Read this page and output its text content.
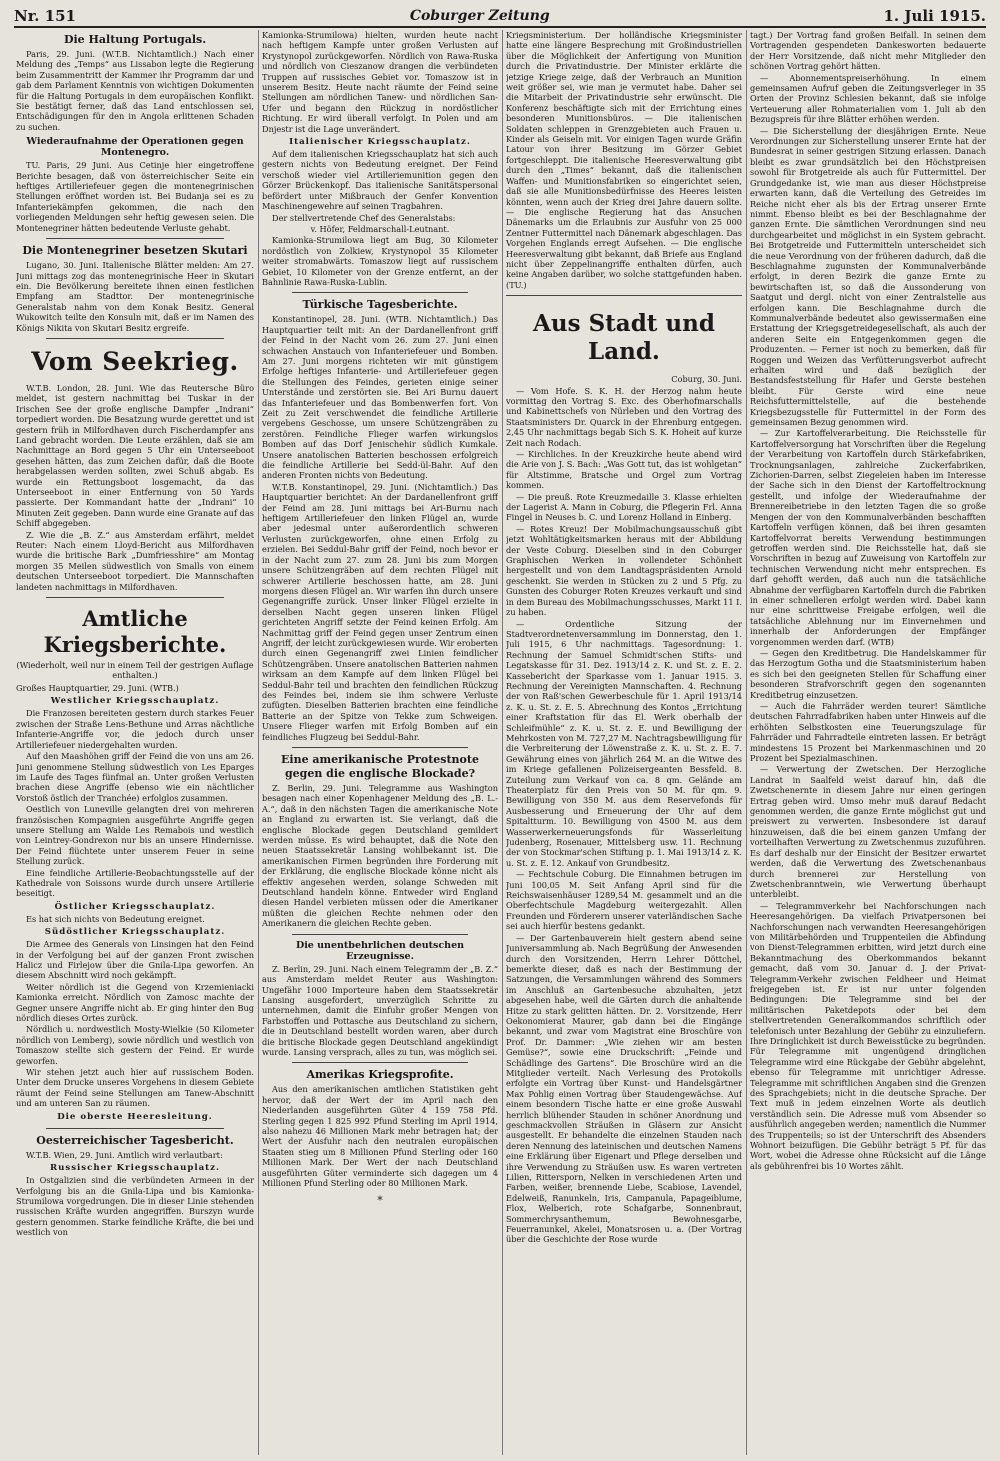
Nr. 151	Coburger Zeitung	1. Juli 1915.
Die Haltung Portugals.

Paris, 29. Juni. (W.T.B. Nichtamtlich.) Nach einer Meldung des „Temps“ aus Lissabon legte die Regierung beim Zusammentritt der Kammer ihr Programm dar und gab dem Parlament Kenntnis von wichtigen Dokumenten für die Haltung Portugals in dem europäischen Konflikt. Sie bestätigt ferner, daß das Land entschlossen sei, Entschädigungen für den in Angola erlittenen Schaden zu suchen.

Wiederaufnahme der Operationen gegen Montenegro.

TU. Paris, 29 Juni. Aus Cetinje hier eingetroffene Berichte besagen, daß von österreichischer Seite ein heftiges Artilleriefeuer gegen die montenegrinischen Stellungen eröffnet worden ist. Bei Budanja sei es zu Infanteriekämpfen gekommen, die nach den vorliegenden Meldungen sehr heftig gewesen seien. Die Montenegriner hätten bedeutende Verluste gehabt.

Die Montenegriner besetzen Skutari

Lugano, 30. Juni. Italienische Blätter melden: Am 27. Juni mittags zog das montenegrinische Heer in Skutari ein. Die Bevölkerung bereitete ihnen einen festlichen Empfang am Stadttor. Der montenegrinische Generalstab nahm von dem Konak Besitz. General Wukowitch teilte den Konsuln mit, daß er im Namen des Königs Nikita von Skutari Besitz ergreife.

Vom Seekrieg.

W.T.B. London, 28. Juni. Wie das Reutersche Büro meldet, ist gestern nachmittag bei Tuskar in der Irischen See der große englische Dampfer „Indrani“ torpediert worden. Die Besatzung wurde gerettet und ist gestern früh in Milfordhaven durch Fischerdampfer ans Land gebracht worden. Die Leute erzählen, daß sie am Nachmittage an Bord gegen 5 Uhr ein Unterseeboot gesehen hätten, das zum Zeichen dafür, daß die Boote herabgelassen werden sollten, zwei Schuß abgab. Es wurde ein Rettungsboot losgemacht, da das Unterseeboot in einer Entfernung von 50 Yards passierte. Der Kommandant hatte der „Indrani“ 10 Minuten Zeit gegeben. Dann wurde eine Granate auf das Schiff abgegeben.

Z. Wie die „B. Z.“ aus Amsterdam erfährt, meldet Reuter: Nach einem Lloyd-Bericht aus Milfordhaven wurde die britische Bark „Dumfriesshire“ am Montag morgen 35 Meilen südwestlich von Smalls von einem deutschen Unterseeboot torpediert. Die Mannschaften landeten nachmittags in Milfordhaven.

Amtliche Kriegsberichte.
(Wiederholt, weil nur in einem Teil der gestrigen Auflage enthalten.)

Großes Hauptquartier, 29. Juni. (WTB.)

Westlicher Kriegsschauplatz.

Die Franzosen bereiteten gestern durch starkes Feuer zwischen der Straße Lens-Bethune und Arras nächtliche Infanterie-Angriffe vor, die jedoch durch unser Artilleriefeuer niedergehalten wurden.

Auf den Maashöhen griff der Feind die von uns am 26. Juni genommene Stellung südwestlich von Les Eparges im Laufe des Tages fünfmal an. Unter großen Verlusten brachen diese Angriffe (ebenso wie ein nächtlicher Vorstoß östlich der Tranchée) erfolglos zusammen.

Oestlich von Luneville gelangten drei von mehreren französischen Kompagnien ausgeführte Angriffe gegen unsere Stellung am Walde Les Remabois und westlich von Leintrey-Gondrexon nur bis an unsere Hindernisse. Der Feind flüchtete unter unserem Feuer in seine Stellung zurück.

Eine feindliche Artillerie-Beobachtungsstelle auf der Kathedrale von Soissons wurde durch unsere Artillerie beseitigt.

Östlicher Kriegsschauplatz.

Es hat sich nichts von Bedeutung ereignet.

Südöstlicher Kriegsschauplatz.

Die Armee des Generals von Linsingen hat den Feind in der Verfolgung bei auf der ganzen Front zwischen Halicz und Firlejow über die Gnila-Lipa geworfen. An diesem Abschnitt wird noch gekämpft.

Weiter nördlich ist die Gegend von Krzemieniacki Kamionka erreicht. Nördlich von Zamosc machte der Gegner unsere Angriffe nicht ab. Er ging hinter den Bug nördlich dieses Ortes zurück.

Nördlich u. nordwestlich Mosty-Wielkie (50 Kilometer nördlich von Lemberg), sowie nördlich und westlich von Tomaszow stellte sich gestern der Feind. Er wurde geworfen.

Wir stehen jetzt auch hier auf russischem Boden. Unter dem Drucke unseres Vorgehens in diesem Gebiete räumt der Feind seine Stellungen am Tanew-Abschnitt und am unteren San zu räumen.

Die oberste Heeresleitung.
Oesterreichischer Tagesbericht.

W.T.B. Wien, 29. Juni. Amtlich wird verlautbart:

Russischer Kriegsschauplatz.

In Ostgalizien sind die verbündeten Armeen in der Verfolgung bis an die Gnila-Lipa und bis Kamionka-Strumilowa vorgedrungen. Die in dieser Linie stehenden russischen Kräfte wurden angegriffen. Burszyn wurde gestern genommen. Starke feindliche Kräfte, die bei und westlich von

Kamionka-Strumilowa) hielten, wurden heute nacht nach heftigem Kampfe unter großen Verlusten auf Krystynopol zurückgeworfen. Nördlich von Rawa-Ruska und nördlich von Cieszanow drangen die verbündeten Truppen auf russisches Gebiet vor. Tomaszow ist in unserem Besitz. Heute nacht räumte der Feind seine Stellungen am nördlichen Tanew- und nördlichen San-Ufer und begann den Rückzug in nordöstlicher Richtung. Er wird überall verfolgt. In Polen und am Dnjestr ist die Lage unverändert.

Italienischer Kriegsschauplatz.

Auf dem italienischen Kriegsschauplatz hat sich auch gestern nichts von Bedeutung ereignet. Der Feind verschoß wieder viel Artilleriemunition gegen den Görzer Brückenkopf. Das italienische Sanitätspersonal befördert unter Mißbrauch der Genfer Konvention Maschinengewehre auf seinen Tragbahren.

Der stellvertretende Chef des Generalstabs:

v. Höfer, Feldmarschall-Leutnant.

Kamionka-Strumilowa liegt am Bug, 30 Kilometer nordöstlich von Zolkiew, Krystynopol 35 Kilometer weiter stromabwärts. Tomaszow liegt auf russischem Gebiet, 10 Kilometer von der Grenze entfernt, an der Bahnlinie Rawa-Ruska-Lublin.

Türkische Tagesberichte.

Konstantinopel, 28. Juni. (WTB. Nichtamtlich.) Das Hauptquartier teilt mit: An der Dardanellenfront griff der Feind in der Nacht vom 26. zum 27. Juni einen schwachen Anstauch von Infanteriefeuer und Bomben. Am 27. Juni morgens richteten wir mit günstigem Erfolge heftiges Infanterie- und Artilleriefeuer gegen die Stellungen des Feindes, gerieten einige seiner Unterstände und zerstörten sie. Bei Ari Burnu dauert das Infanteriefeuer und das Bombenwerfen fort. Von Zeit zu Zeit verschwendet die feindliche Artillerie vergebens Geschosse, um unsere Schützengräben zu zerstören. Feindliche Flieger warfen wirkungslos Bomben auf das Dorf Jenischehir südlich Kumkale. Unsere anatolischen Batterien beschossen erfolgreich die feindliche Artillerie bei Sedd-ül-Bahr. Auf den anderen Fronten nichts von Bedeutung.

W.T.B. Konstantinopel, 29. Juni. (Nichtamtlich.) Das Hauptquartier berichtet: An der Dardanellenfront griff der Feind am 28. Juni mittags bei Ari-Burnu nach heftigem Artilleriefeuer den linken Flügel an, wurde aber jedesmal unter außerordentlich schweren Verlusten zurückgeworfen, ohne einen Erfolg zu erzielen. Bei Seddul-Bahr griff der Feind, noch bevor er in der Nacht zum 27. zum 28. Juni bis zum Morgen unsere Schützengräben auf dem rechten Flügel mit schwerer Artillerie beschossen hatte, am 28. Juni morgens diesen Flügel an. Wir warfen ihn durch unsere Gegenangriffe zurück. Unser linker Flügel erzielte in derselben Nacht gegen unseren linken Flügel gerichteten Angriff setzte der Feind keinen Erfolg. Am Nachmittag griff der Feind gegen unser Zentrum einen Angriff, der leicht zurückgewiesen wurde. Wir eroberten durch einen Gegenangriff zwei Linien feindlicher Schützengräben. Unsere anatolischen Batterien nahmen wirksam an dem Kampfe auf dem linken Flügel bei Seddul-Bahr teil und brachten den feindlichen Rückzug des Feindes bei, indem sie ihm schwere Verluste zufügten. Dieselben Batterien brachten eine feindliche Batterie an der Spitze von Tekke zum Schweigen. Unsere Flieger warfen mit Erfolg Bomben auf ein feindliches Flugzeug bei Seddul-Bahr.

Eine amerikanische Protestnote gegen die englische Blockade?

Z. Berlin, 29. Juni. Telegramme aus Washington besagen nach einer Kopenhagener Meldung des „B. L.-A.“, daß in den nächsten Tagen die amerikanische Note an England zu erwarten ist. Sie verlangt, daß die englische Blockade gegen Deutschland gemildert werden müsse. Es wird behauptet, daß die Note den neuen Staatssekretär Lansing wohlbekannt ist. Die amerikanischen Firmen begründen ihre Forderung mit der Erklärung, die englische Blockade könne nicht als effektiv angesehen werden, solange Schweden mit Deutschland handeln könne. Entweder wird England diesen Handel verbieten müssen oder die Amerikaner müßten die gleichen Rechte nehmen oder den Amerikanern die gleichen Rechte geben.

Die unentbehrlichen deutschen Erzeugnisse.

Z. Berlin, 29. Juni. Nach einem Telegramm der „B. Z.“ aus Amsterdam meldet Reuter aus Washington: Ungefähr 1000 Importeure haben dem Staatssekretär Lansing ausgefordert, unverzüglich Schritte zu unternehmen, damit die Einfuhr großer Mengen von Farbstoffen und Pottasche aus Deutschland zu sichern, die in Deutschland bestellt worden waren, aber durch die britische Blockade gegen Deutschland angekündigt wurde. Lansing versprach, alles zu tun, was möglich sei.

Amerikas Kriegsprofite.

Aus den amerikanischen amtlichen Statistiken geht hervor, daß der Wert der im April nach den Niederlanden ausgeführten Güter 4 159 758 Pfd. Sterling gegen 1 825 992 Pfund Sterling im April 1914, also nahezu 46 Millionen Mark mehr betragen hat; der Wert der Ausfuhr nach den neutralen europäischen Staaten stieg um 8 Millionen Pfund Sterling oder 160 Millionen Mark. Der Wert der nach Deutschland ausgeführten Güter verminderte sich dagegen um 4 Millionen Pfund Sterling oder 80 Millionen Mark.

*

Kriegsministerium. Der holländische Kriegsminister hatte eine längere Besprechung mit Großindustriellen über die Möglichkeit der Anfertigung von Munition durch die Privatindustrie. Der Minister erklärte die jetzige Kriege zeige, daß der Verbrauch an Munition weit größer sei, wie man je vermutet habe. Daher sei die Mitarbeit der Privatindustrie sehr erwünscht. Die Konferenz beschäftigte sich mit der Errichtung eines besonderen Munitionsbüros. — Die italienischen Soldaten schleppen in Grenzgebieten auch Frauen u. Kinder als Geiseln mit. Vor einigen Tagen wurde Gräfin Latour von ihrer Besitzung im Görzer Gebiet fortgeschleppt. Die italienische Heeresverwaltung gibt durch den „Times“ bekannt, daß die italienischen Waffen- und Munitionsfabriken so eingerichtet seien, daß sie alle Munitionsbedürfnisse des Heeres leisten könnten, wenn auch der Krieg drei Jahre dauern sollte. — Die englische Regierung hat das Ansuchen Dänemarks um die Erlaubnis zur Ausfuhr von 25 000 Zentner Futtermittel nach Dänemark abgeschlagen. Das Vorgehen Englands erregt Aufsehen. — Die englische Heeresverwaltung gibt bekannt, daß Briefe aus England nicht über Zeppelinangriffe enthalten dürfen, auch keine Angaben darüber, wo solche stattgefunden haben. (TU.)

Aus Stadt und Land.

Coburg, 30. Juni.

— Vom Hofe. S. K. H. der Herzog nahm heute vormittag den Vortrag S. Exc. des Oberhofmarschalls und Kabinettschefs von Nürleben und den Vortrag des Staatsministers Dr. Quarck in der Ehrenburg entgegen. 2,45 Uhr nachmittags begab Sich S. K. Hoheit auf kurze Zeit nach Rodach.

— Kirchliches. In der Kreuzkirche heute abend wird die Arie von J. S. Bach: „Was Gott tut, das ist wohlgetan“ für Altstimme, Bratsche und Orgel zum Vortrag kommen.

— Die preuß. Rote Kreuzmedaille 3. Klasse erhielten der Lagerist A. Mann in Coburg, die Pflegerin Frl. Anna Fingel in Neuses b. C. und Lorenz Holland in Einberg.

— Rotes Kreuz! Der Mobilmachungsausschuß gibt jetzt Wohltätigkeitsmarken heraus mit der Abbildung der Veste Coburg. Dieselben sind in den Coburger Graphischen Werken in vollendeter Schönheit hergestellt und von dem Landtagspräsidenten Arnold geschenkt. Sie werden in Stücken zu 2 und 5 Pfg. zu Gunsten des Coburger Roten Kreuzes verkauft und sind in dem Bureau des Mobilmachungsschusses, Markt 11 I. zu haben.

— Ordentliche Sitzung der Stadtverordnetenversammlung im Donnerstag, den 1. Juli 1915, 6 Uhr nachmittags. Tagesordnung: 1. Rechnung der Samuel Schmidt'schen Stifts- und Legatskasse für 31. Dez. 1913/14 z. K. und St. z. E. 2. Kassebericht der Sparkasse vom 1. Januar 1915. 3. Rechnung der Vereinigten Mannschaften. 4. Rechnung der von Raß'schen Gewerbeschule für 1. April 1913/14 z. K. u. St. z. E. 5. Abrechnung des Kontos „Errichtung einer Kraftstation für das El. Werk oberhalb der Schleifmühle“ z. K. u. St. z. E. und Bewilligung der Mehrkosten von M. 727,27 M. Nachtragsbewilligung für die Verbreiterung der Löwenstraße z. K. u. St. z. E. 7. Gewährung eines von jährlich 264 M. an die Witwe des im Kriege gefallenen Polizeisergeanten Bessfeld. 8. Zuteilung zum Verkauf von ca. 8 qm. Gelände am Theaterplatz für den Preis von 50 M. für qm. 9. Bewilligung von 350 M. aus dem Reservefonds für Ausbesserung und Erneuerung der Uhr auf dem Spitaltturm. 10. Bewilligung von 4500 M. aus dem Wasserwerkerneuerungsfonds für Wasserleitung Judenberg, Rosenauer, Mittelsberg usw. 11. Rechnung der von Stockmar'schen Stiftung p. 1. Mai 1913/14 z. K. u. St. z. E. 12. Ankauf von Grundbesitz.

— Fechtschule Coburg. Die Einnahmen betrugen im Juni 100,05 M. Seit Anfang April sind für die Reichswaisenhäuser 1289,54 M. gesammelt und an die Oberfechtschule Magdeburg weitergezahlt. Allen Freunden und Förderern unserer vaterländischen Sache sei auch hierfür bestens gedankt.

— Der Gartenbauverein hielt gestern abend seine Juniversammlung ab. Nach Begrüßung der Anwesenden durch den Vorsitzenden, Herrn Lehrer Döttchel, bemerkte dieser, daß es nach der Bestimmung der Satzungen, die Versammlungen während des Sommers im Anschluß an Gartenbesuche abzuhalten, jetzt abgesehen habe, weil die Gärten durch die anhaltende Hitze zu stark gelitten hätten. Dr. 2. Vorsitzende, Herr Oekonomierat Maurer, gab dann bei die Eingänge bekannt, und zwar vom Magistrat eine Broschüre von Prof. Dr. Dammer: „Wie ziehen wir am besten Gemüse?“, sowie eine Druckschrift: „Feinde und Schädlinge des Gartens“. Die Broschüre wird an die Mitglieder verteilt. Nach Verlesung des Protokolls erfolgte ein Vortrag über Kunst- und Handelsgärtner Max Pohlig einen Vortrag über Staudengewächse. Auf einem besondern Tische hatte er eine große Auswahl herrlich blühender Stauden in schöner Anordnung und geschmackvollen Sträußen in Gläsern zur Ansicht ausgestellt. Er behandelte die einzelnen Stauden nach deren Nennung des lateinischen und deutschen Namens eine Erklärung über Eigenart und Pflege derselben und ihre Verwendung zu Sträußen usw. Es waren vertreten Lilien, Rittersporn, Nelken in verschiedenen Arten und Farben, weißer, brennende Liebe, Scabiose, Lavendel, Edelweiß, Ranunkeln, Iris, Campanula, Papageiblume, Flox, Welberich, rote Schafgarbe, Sonnenbraut, Sommerchrysanthemum, Bewohnesgarbe, Feuerranunkel, Akelei, Monatsrosen u. a. (Der Vortrag über die Geschichte der Rose wurde

tagt.) Der Vortrag fand großen Beifall. In seinen dem Vortragenden gespendeten Dankesworten bedauerte der Herr Vorsitzende, daß nicht mehr Mitglieder den schönen Vortrag gehört hätten.

— Abonnementspreiserhöhung. In einem gemeinsamen Aufruf geben die Zeitungsverleger in 35 Orten der Provinz Schlesien bekannt, daß sie infolge Verteuerung aller Rohmaterialien vom 1. Juli ab den Bezugspreis für ihre Blätter erhöhen werden.

— Die Sicherstellung der diesjährigen Ernte. Neue Verordnungen zur Sicherstellung unserer Ernte hat der Bundesrat in seiner gestrigen Sitzung erlassen. Danach bleibt es zwar grundsätzlich bei den Höchstpreisen sowohl für Brotgetreide als auch für Futtermittel. Der Grundgedanke ist, wie man aus dieser Höchstpreise erwarten kann, daß die Verteilung des Getreides im Reiche nicht eher als bis der Ertrag unserer Ernte nimmt. Ebenso bleibt es bei der Beschlagnahme der ganzen Ernte. Die sämtlichen Verordnungen sind neu durchgearbeitet und möglichst in ein System gebracht. Bei Brotgetreide und Futtermitteln unterscheidet sich die neue Verordnung von der früheren dadurch, daß die Beschlagnahme zugunsten der Kommunalverbände erfolgt, in deren Bezirk die ganze Ernte zu bewirtschaften ist, so daß die Aussonderung von Saatgut und dergl. nicht von einer Zentralstelle aus erfolgen kann. Die Beschlagnahme durch die Kommunalverbände bedeutet also gewissermaßen eine Erstattung der Kriegsgetreidegesellschaft, als auch der anderen Seite ein Entgegenkommen gegen die Produzenten. — Ferner ist noch zu bemerken, daß für Roggen und Weizen das Verfütterungsverbot aufrecht erhalten wird und daß bezüglich der Bestandsfeststellung für Hafer und Gerste bestehen bleibt. Für Gerste wird eine neue Reichsfuttermittelstelle, auf die bestehende Kriegsbezugsstelle für Futtermittel in der Form des gemeinsamen Bezug genommen wird.

— Zur Kartoffelverarbeitung. Die Reichsstelle für Kartoffelversorgung hat Vorschriften über die Regelung der Verarbeitung von Kartoffeln durch Stärkefabriken, Trocknungsanlagen, zahlreiche Zuckerfabriken, Zichorien-Darren, selbst Ziegeleien haben im Interesse der Sache sich in den Dienst der Kartoffeltrocknung gestellt, und infolge der Wiederaufnahme der Brennereibetriebe in den letzten Tagen die so große Mengen der von den Kommunalverbänden beschafften Kartoffeln verfügen können, daß bei ihren gesamten Kartoffelvorrat bereits Verwendung bestimmungen getroffen werden sind. Die Reichsstelle hat, daß sie Vorschriften in bezug auf Zuweisung von Kartoffeln zur technischen Verwendung nicht mehr entsprechen. Es darf gehofft werden, daß auch nun die tatsächliche Abnahme der verfügbaren Kartoffeln durch die Fabriken in einer schnelleren erfolgt werden wird. Dabei kann nur eine schrittweise Freigabe erfolgen, weil die tatsächliche Ablehnung nur im Einvernehmen und innerhalb der Anforderungen der Empfänger vorgenommen werden darf. (WTB)

— Gegen den Kreditbetrug. Die Handelskammer für das Herzogtum Gotha und die Staatsministerium haben es sich bei den geeigneten Stellen für Schaffung einer besonderen Strafvorschrift gegen den sogenannten Kreditbetrug einzusetzen.

— Auch die Fahrräder werden teurer! Sämtliche deutschen Fahrradfabriken haben unter Hinweis auf die erhöhten Selbstkosten eine Teuerungszulage für Fahrräder und Fahrradteile eintreten lassen. Er beträgt mindestens 15 Prozent bei Markenmaschinen und 20 Prozent bei Spezialmaschinen.

— Verwertung der Zwetschen. Der Herzogliche Landrat in Saalfeld weist darauf hin, daß die Zwetschenernte in diesem Jahre nur einen geringen Ertrag geben wird. Umso mehr muß darauf Bedacht genommen werden, die ganze Ernte möglichst gut und preiswert zu verwerten. Insbesondere ist darauf hinzuweisen, daß die bei einem ganzen Umfang der vorteilhaften Verwertung zu Zwetschenmus zuzuführen. Es darf deshalb nur der Einsicht der Besitzer erwartet werden, daß die Verwertung des Zwetschenanbaus durch brennerei zur Herstellung von Zwetschenbranntwein, wie Verwertung überhaupt unterbleibt.

— Telegrammverkehr bei Nachforschungen nach Heeresangehörigen. Da vielfach Privatpersonen bei Nachforschungen nach verwandten Heeresangehörigen von Militärbehörden und Truppenteilen die Abfindung von Dienst-Telegrammen erbitten, wird jetzt durch eine Bekanntmachung des Oberkommandos bekannt gemacht, daß vom 30. Januar d. J. der Privat-Telegramm-Verkehr zwischen Feldheer und Heimat freigegeben ist. Er ist nur unter folgenden Bedingungen: Die Telegramme sind bei der militärischen Paketdepots oder bei dem stellvertretenden Generalkommandos schriftlich oder telefonisch unter Bezahlung der Gebühr zu einzuliefern. Ihre Dringlichkeit ist durch Beweisstücke zu begründen. Für Telegramme mit ungenügend dringlichen Telegramme wird eine Rückgabe der Gebühr abgelehnt, ebenso für Telegramme mit unrichtiger Adresse. Telegramme mit schriftlichen Angaben sind die Grenzen des Sprachgebiets; nicht in die deutsche Sprache. Der Text muß in jedem einzelnen Worte als deutlich verständlich sein. Die Adresse muß vom Absender so ausführlich angegeben werden; namentlich die Nummer des Truppenteils; so ist der Unterschrift des Absenders Wohnort beizufügen. Die Gebühr beträgt 5 Pf. für das Wort, wobei die Adresse ohne Rücksicht auf die Länge als gebührenfrei bis 10 Wortes zählt.
